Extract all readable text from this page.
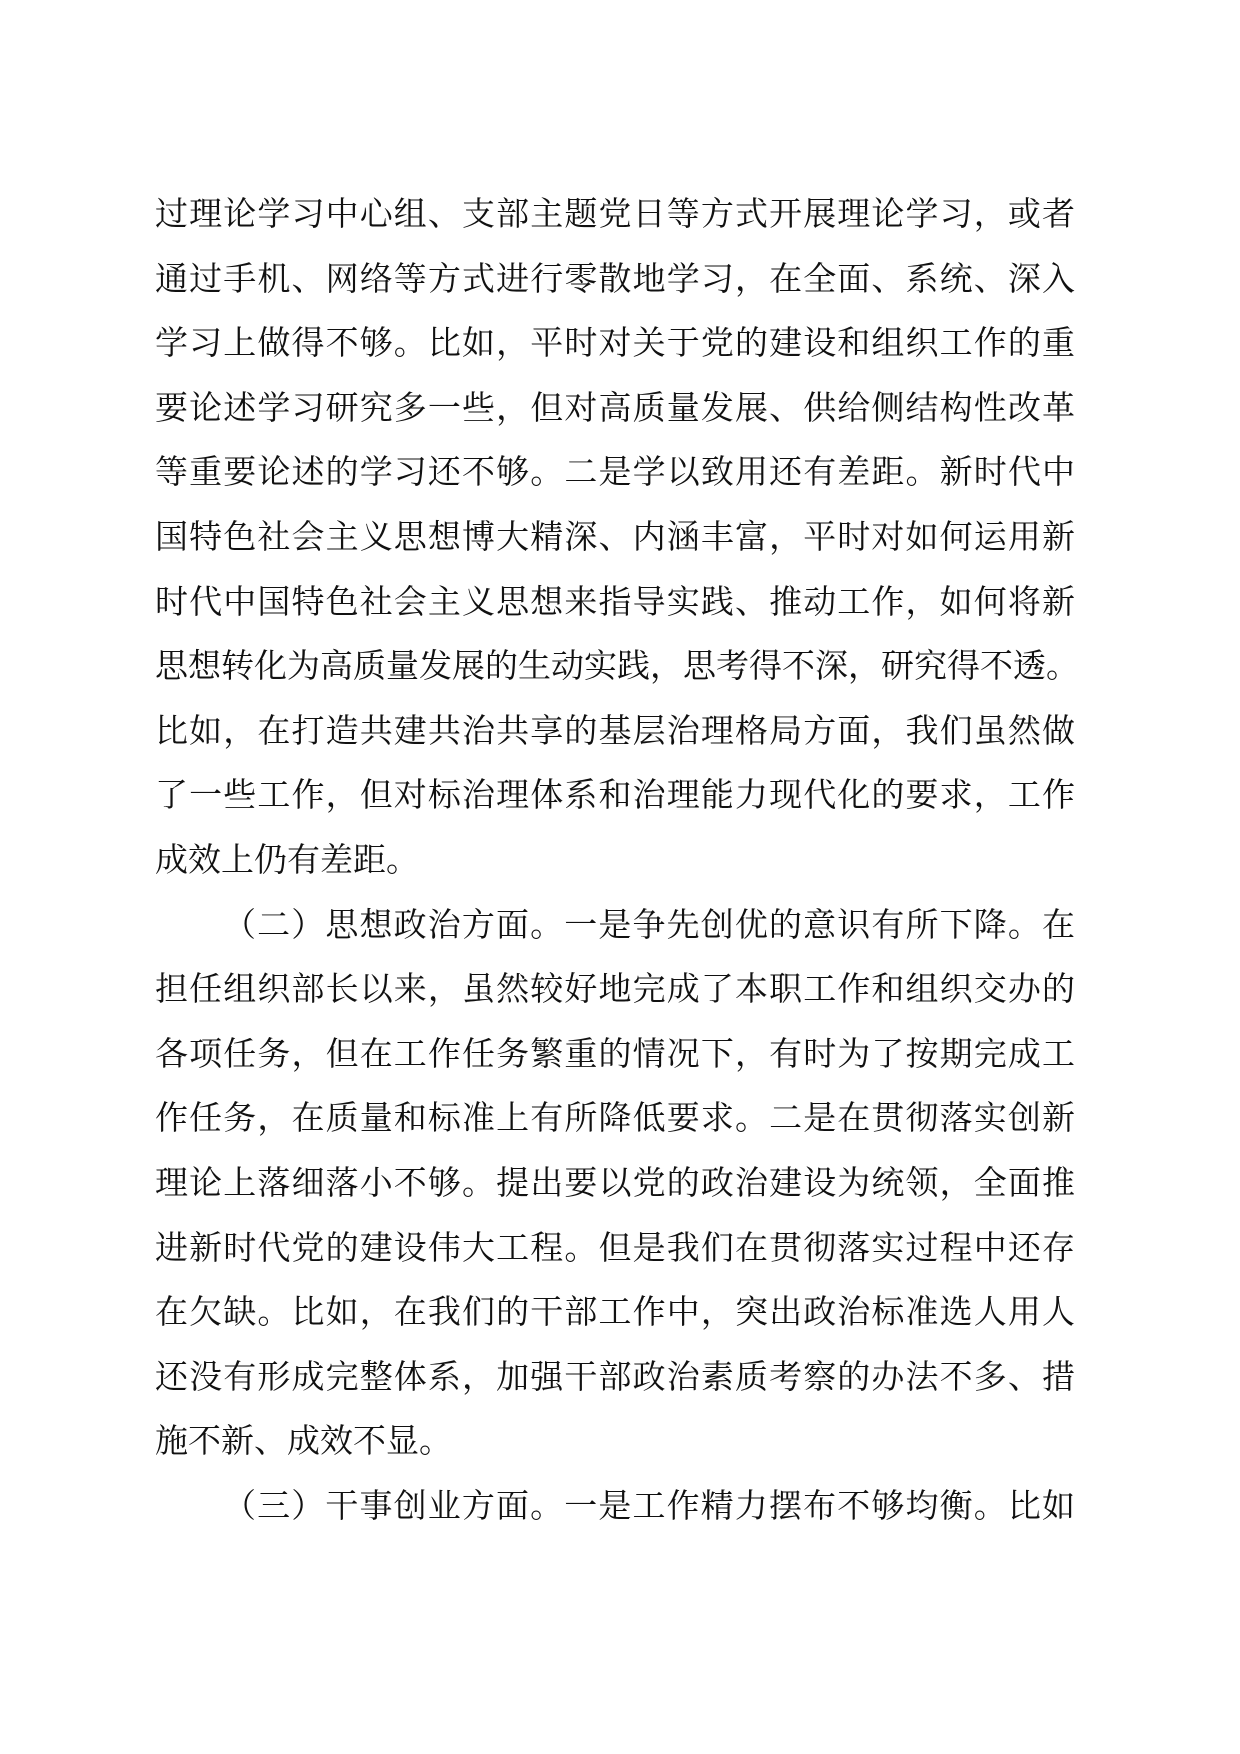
过理论学习中心组、支部主题党日等方式开展理论学习，或者
通过手机、网络等方式进行零散地学习，在全面、系统、深入
学习上做得不够。比如，平时对关于党的建设和组织工作的重
要论述学习研究多一些，但对高质量发展、供给侧结构性改革
等重要论述的学习还不够。二是学以致用还有差距。新时代中
国特色社会主义思想博大精深、内涵丰富，平时对如何运用新
时代中国特色社会主义思想来指导实践、推动工作，如何将新
思想转化为高质量发展的生动实践，思考得不深，研究得不透。
比如，在打造共建共治共享的基层治理格局方面，我们虽然做
了一些工作，但对标治理体系和治理能力现代化的要求，工作
成效上仍有差距。
（二）思想政治方面。一是争先创优的意识有所下降。在
担任组织部长以来，虽然较好地完成了本职工作和组织交办的
各项任务，但在工作任务繁重的情况下，有时为了按期完成工
作任务，在质量和标准上有所降低要求。二是在贯彻落实创新
理论上落细落小不够。提出要以党的政治建设为统领，全面推
进新时代党的建设伟大工程。但是我们在贯彻落实过程中还存
在欠缺。比如，在我们的干部工作中，突出政治标准选人用人
还没有形成完整体系，加强干部政治素质考察的办法不多、措
施不新、成效不显。
（三）干事创业方面。一是工作精力摆布不够均衡。比如
